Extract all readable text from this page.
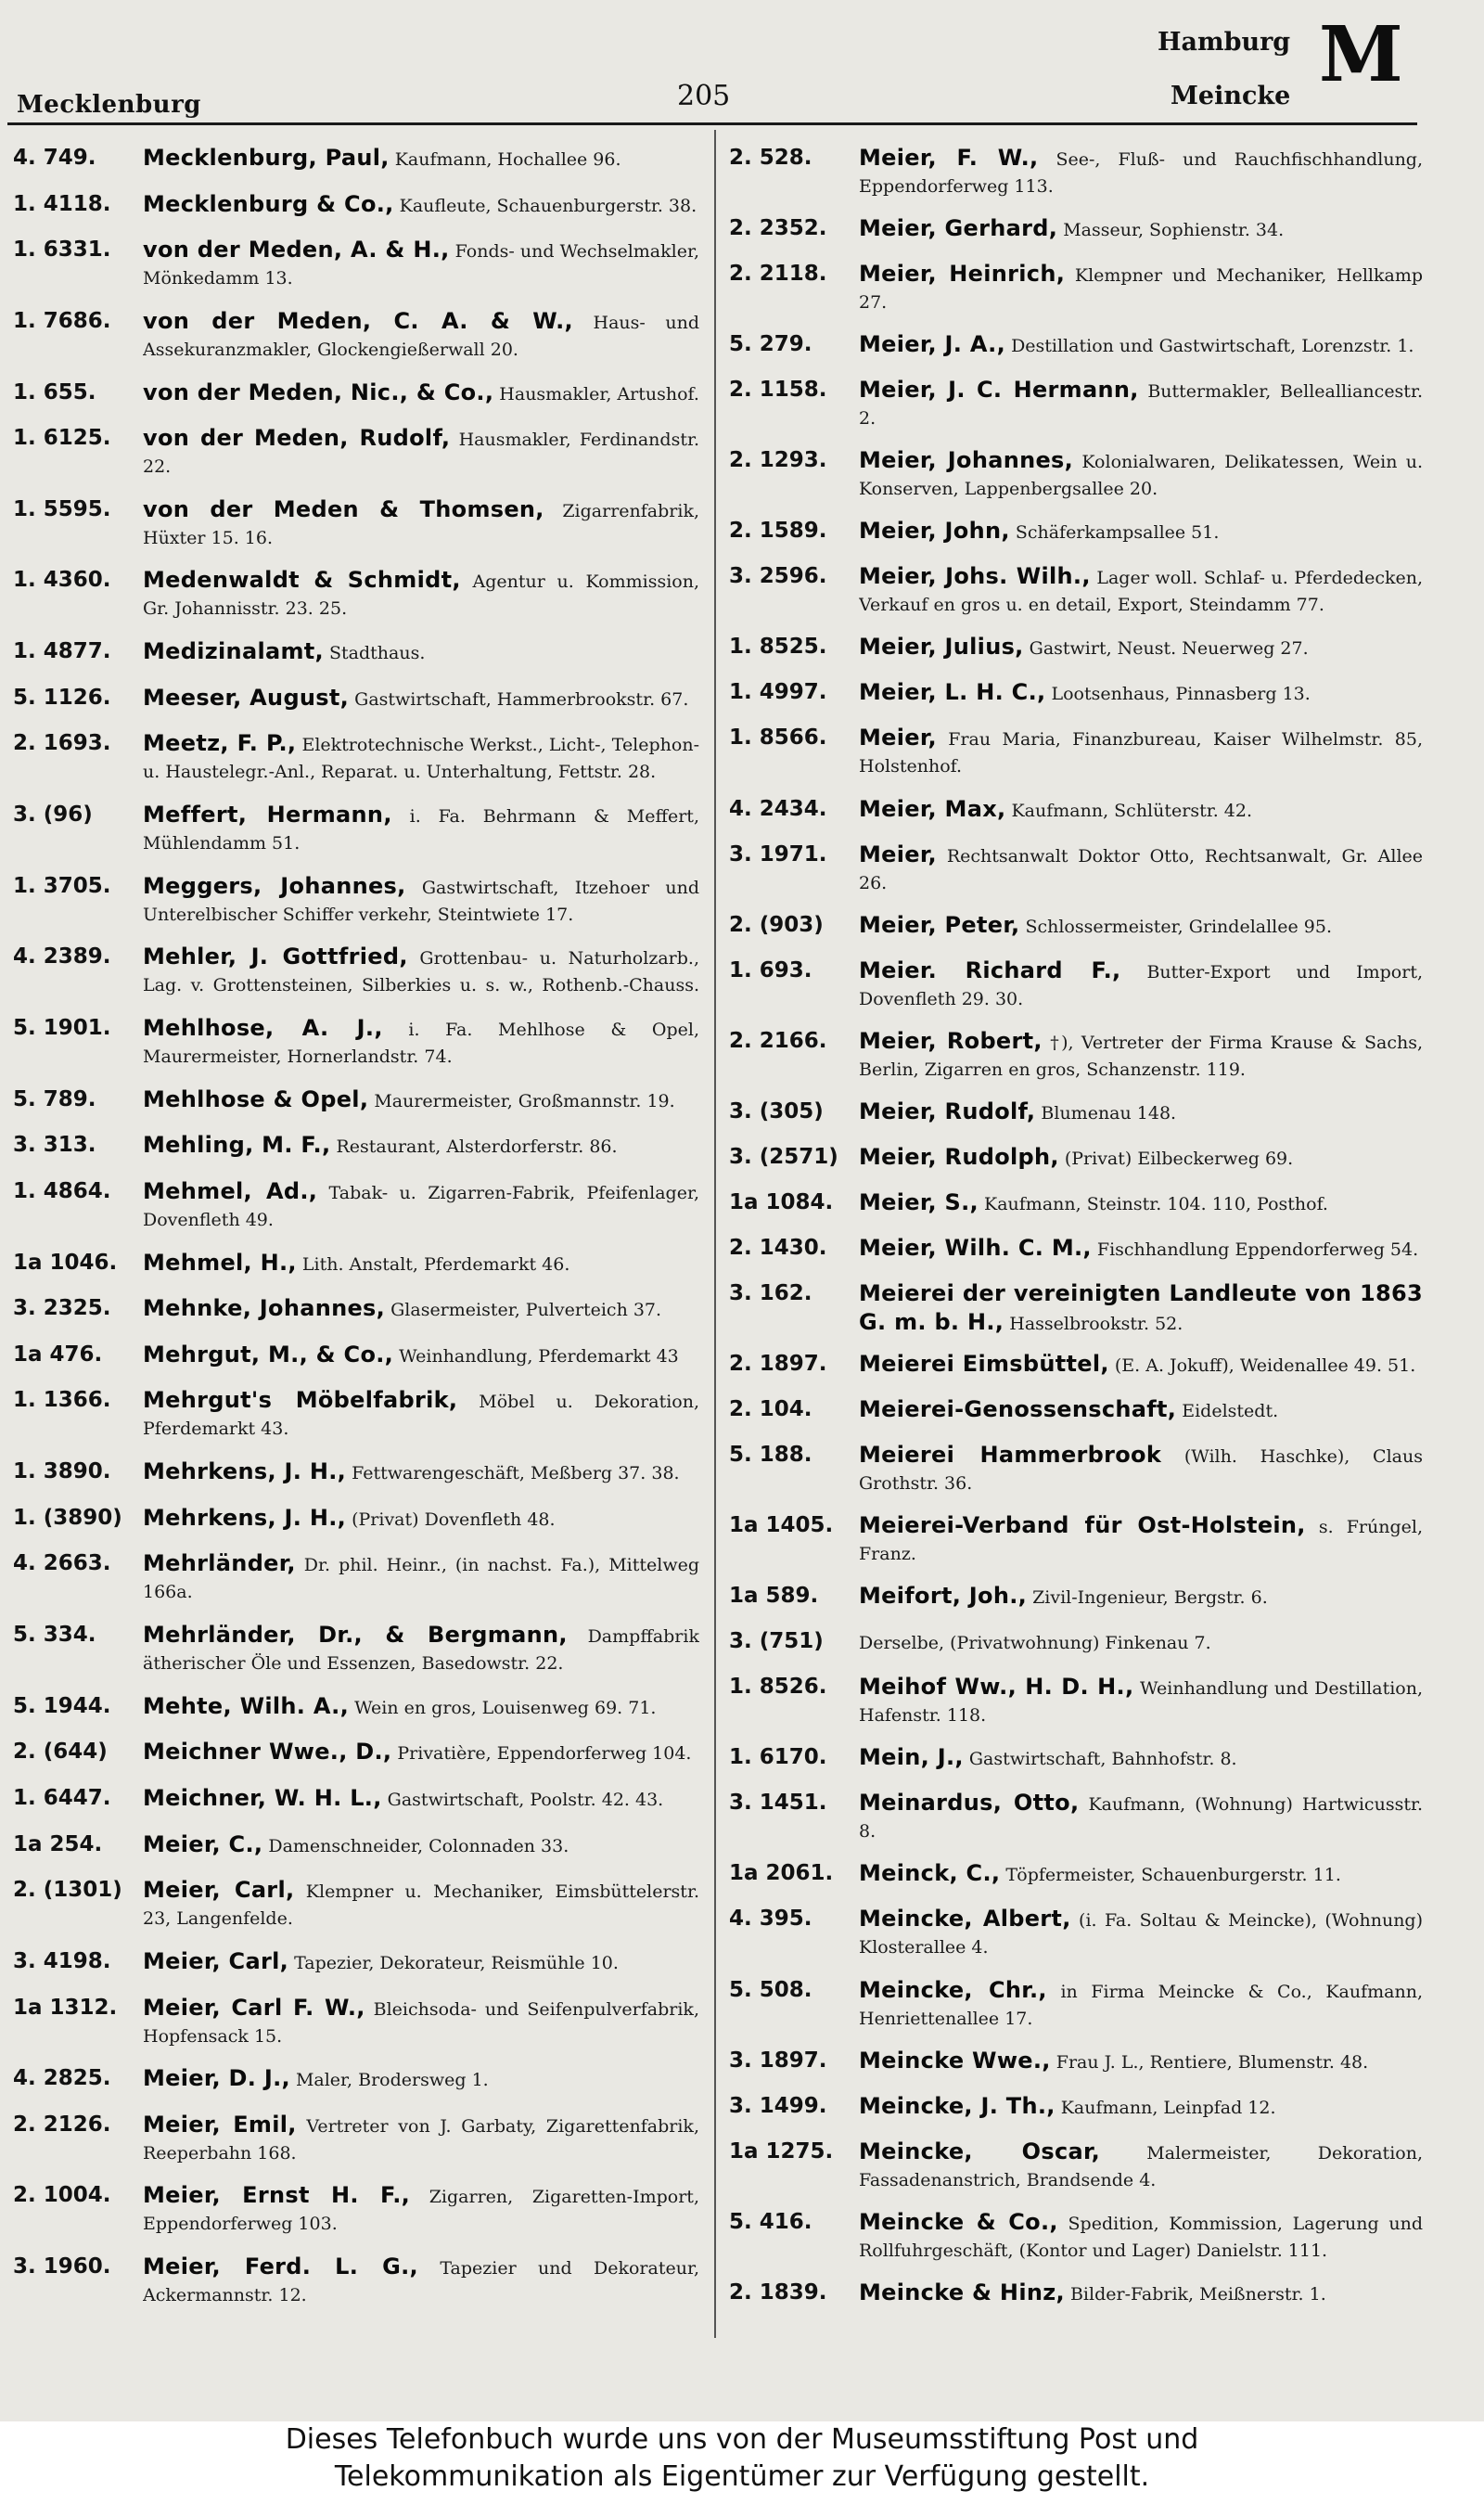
Mecklenburg	205
Hamburg
Meincke M
4. 749.	Mecklenburg, Paul, Kaufmann, Hochallee 96.
1. 4118.	Mecklenburg & Co., Kaufleute, Schauenburgerstr. 38.
1. 6331.	von der Meden, A. & H., Fonds- und Wechselmakler, Mönkedamm 13.
1. 7686.	von der Meden, C. A. & W., Haus- und Assekuranzmakler, Glockengießerwall 20.
1. 655.	von der Meden, Nic., & Co., Hausmakler, Artushof.
1. 6125.	von der Meden, Rudolf, Hausmakler, Ferdinandstr. 22.
1. 5595.	von der Meden & Thomsen, Zigarrenfabrik, Hüxter 15. 16.
1. 4360.	Medenwaldt & Schmidt, Agentur u. Kommission, Gr. Johannisstr. 23. 25.
1. 4877.	Medizinalamt, Stadthaus.
5. 1126.	Meeser, August, Gastwirtschaft, Hammerbrookstr. 67.
2. 1693.	Meetz, F. P., Elektrotechnische Werkst., Licht-, Telephon- u. Haustelegr.-Anl., Reparat. u. Unterhaltung, Fettstr. 28.
3. (96)	Meffert, Hermann, i. Fa. Behrmann & Meffert, Mühlendamm 51.
1. 3705.	Meggers, Johannes, Gastwirtschaft, Itzehoer und Unterelbischer Schiffer verkehr, Steintwiete 17.
4. 2389.	Mehler, J. Gottfried, Grottenbau- u. Naturholzarb., Lag. v. Grottensteinen, Silberkies u. s. w., Rothenb.-Chauss.
5. 1901.	Mehlhose, A. J., i. Fa. Mehlhose & Opel, Maurermeister, Hornerlandstr. 74.
5. 789.	Mehlhose & Opel, Maurermeister, Großmannstr. 19.
3. 313.	Mehling, M. F., Restaurant, Alsterdorferstr. 86.
1. 4864.	Mehmel, Ad., Tabak- u. Zigarren-Fabrik, Pfeifenlager, Dovenfleth 49.
1a 1046.	Mehmel, H., Lith. Anstalt, Pferdemarkt 46.
3. 2325.	Mehnke, Johannes, Glasermeister, Pulverteich 37.
1a 476.	Mehrgut, M., & Co., Weinhandlung, Pferdemarkt 43
1. 1366.	Mehrgut's Möbelfabrik, Möbel u. Dekoration, Pferdemarkt 43.
1. 3890.	Mehrkens, J. H., Fettwarengeschäft, Meßberg 37. 38.
1. (3890) Mehrkens, J. H., (Privat) Dovenfleth 48.
4. 2663.	Mehrländer, Dr. phil. Heinr., (in nachst. Fa.), Mittelweg 166a.
5. 334.	Mehrländer, Dr., & Bergmann, Dampffabrik ätherischer Öle und Essenzen, Basedowstr. 22.
5. 1944.	Mehte, Wilh. A., Wein en gros, Louisenweg 69. 71.
2. (644)	Meichner Wwe., D., Privatière, Eppendorferweg 104.
1. 6447.	Meichner, W. H. L., Gastwirtschaft, Poolstr. 42. 43.
1a 254.	Meier, C., Damenschneider, Colonnaden 33.
2. (1301) Meier, Carl, Klempner u. Mechaniker, Eimsbüttelerstr. 23, Langenfelde.
3. 4198.	Meier, Carl, Tapezier, Dekorateur, Reismühle 10.
1a 1312.	Meier, Carl F. W., Bleichsoda- und Seifenpulverfabrik, Hopfensack 15.
4. 2825.	Meier, D. J., Maler, Brodersweg 1.
2. 2126.	Meier, Emil, Vertreter von J. Garbaty, Zigarettenfabrik, Reeperbahn 168.
2. 1004.	Meier, Ernst H. F., Zigarren, Zigaretten-Import, Eppendorferweg 103.
3. 1960.	Meier, Ferd. L. G., Tapezier und Dekorateur, Ackermannstr. 12.
2. 528.	Meier, F. W., See-, Fluß- und Rauchfischhandlung, Eppendorferweg 113.
2. 2352.	Meier, Gerhard, Masseur, Sophienstr. 34.
2. 2118.	Meier, Heinrich, Klempner und Mechaniker, Hellkamp 27.
5. 279.	Meier, J. A., Destillation und Gastwirtschaft, Lorenzstr. 1.
2. 1158.	Meier, J. C. Hermann, Buttermakler, Bellealliancestr. 2.
2. 1293.	Meier, Johannes, Kolonialwaren, Delikatessen, Wein u. Konserven, Lappenbergsallee 20.
2. 1589.	Meier, John, Schäferkampsallee 51.
3. 2596.	Meier, Johs. Wilh., Lager woll. Schlaf- u. Pferdedecken, Verkauf en gros u. en detail, Export, Steindamm 77.
1. 8525.	Meier, Julius, Gastwirt, Neust. Neuerweg 27.
1. 4997.	Meier, L. H. C., Lootsenhaus, Pinnasberg 13.
1. 8566.	Meier, Frau Maria, Finanzbureau, Kaiser Wilhelmstr. 85, Holstenhof.
4. 2434.	Meier, Max, Kaufmann, Schlüterstr. 42.
3. 1971.	Meier, Rechtsanwalt Doktor Otto, Rechtsanwalt, Gr. Allee 26.
2. (903)	Meier, Peter, Schlossermeister, Grindelallee 95.
1. 693.	Meier. Richard F., Butter-Export und Import, Dovenfleth 29. 30.
2. 2166.	Meier, Robert, †), Vertreter der Firma Krause & Sachs, Berlin, Zigarren en gros, Schanzenstr. 119.
3. (305)	Meier, Rudolf, Blumenau 148.
3. (2571) Meier, Rudolph, (Privat) Eilbeckerweg 69.
1a 1084.	Meier, S., Kaufmann, Steinstr. 104. 110, Posthof.
2. 1430.	Meier, Wilh. C. M., Fischhandlung Eppendorferweg 54.
3. 162.	Meierei der vereinigten Landleute von 1863 G. m. b. H., Hasselbrookstr. 52.
2. 1897.	Meierei Eimsbüttel, (E. A. Jokuff), Weidenallee 49. 51.
2. 104.	Meierei-Genossenschaft, Eidelstedt.
5. 188.	Meierei Hammerbrook (Wilh. Haschke), Claus Grothstr. 36.
1a 1405.	Meierei-Verband für Ost-Holstein, s. Frúngel, Franz.
1a 589.	Meifort, Joh., Zivil-Ingenieur, Bergstr. 6.
3. (751)	Derselbe, (Privatwohnung) Finkenau 7.
1. 8526.	Meihof Ww., H. D. H., Weinhandlung und Destillation, Hafenstr. 118.
1. 6170.	Mein, J., Gastwirtschaft, Bahnhofstr. 8.
3. 1451.	Meinardus, Otto, Kaufmann, (Wohnung) Hartwicusstr. 8.
1a 2061.	Meinck, C., Töpfermeister, Schauenburgerstr. 11.
4. 395.	Meincke, Albert, (i. Fa. Soltau & Meincke), (Wohnung) Klosterallee 4.
5. 508.	Meincke, Chr., in Firma Meincke & Co., Kaufmann, Henriettenallee 17.
3. 1897.	Meincke Wwe., Frau J. L., Rentiere, Blumenstr. 48.
3. 1499.	Meincke, J. Th., Kaufmann, Leinpfad 12.
1a 1275.	Meincke, Oscar,	Malermeister, Dekoration, Fassadenanstrich, Brandsende 4.
5. 416.	Meincke & Co., Spedition, Kommission, Lagerung und Rollfuhrgeschäft, (Kontor und Lager) Danielstr. 111.
2. 1839.	Meincke & Hinz, Bilder-Fabrik, Meißnerstr. 1.
Dieses Telefonbuch wurde uns von der Museumsstiftung Post und
Telekommunikation als Eigentümer zur Verfügung gestellt.
